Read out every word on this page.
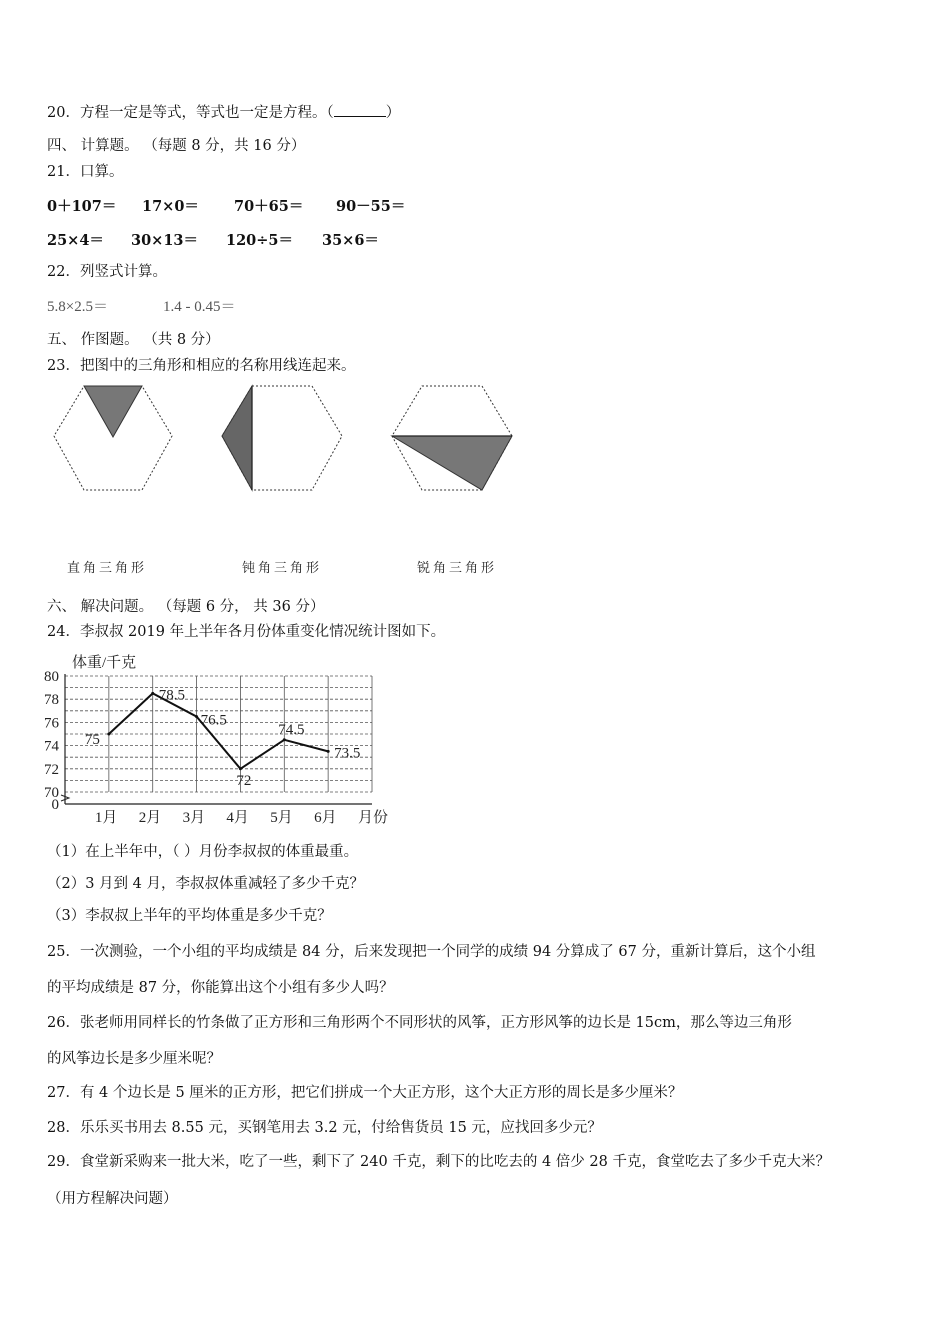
20．方程一定是等式，等式也一定是方程。（	）
四、 计算题。 （每题 8 分，共 16 分）
21．口算。
0＋107＝ 17×0＝ 70＋65＝ 90－55＝
25×4＝ 30×13＝ 120÷5＝ 35×6＝
22．列竖式计算。
5.8×2.5＝	1.4 - 0.45＝
五、 作图题。 （共 8 分）
23．把图中的三角形和相应的名称用线连起来。
直角三角形	钝角三角形	锐角三角形
六、 解决问题。 （每题 6 分， 共 36 分）
24．李叔叔 2019 年上半年各月份体重变化情况统计图如下。
体重/千克
70
72
74
76
78
80
0
1月 2月 3月 4月 5月 6月 月份
75
78.5
76.5
72
74.5
73.5
（1）在上半年中，（ ）月份李叔叔的体重最重。
（2）3 月到 4 月，李叔叔体重减轻了多少千克？
（3）李叔叔上半年的平均体重是多少千克？
25．一次测验，一个小组的平均成绩是 84 分，后来发现把一个同学的成绩 94 分算成了 67 分，重新计算后，这个小组
的平均成绩是 87 分，你能算出这个小组有多少人吗？
26．张老师用同样长的竹条做了正方形和三角形两个不同形状的风筝，正方形风筝的边长是 15cm，那么等边三角形
的风筝边长是多少厘米呢？
27．有 4 个边长是 5 厘米的正方形，把它们拼成一个大正方形，这个大正方形的周长是多少厘米？
28．乐乐买书用去 8.55 元，买钢笔用去 3.2 元，付给售货员 15 元，应找回多少元？
29．食堂新采购来一批大米，吃了一些，剩下了 240 千克，剩下的比吃去的 4 倍少 28 千克，食堂吃去了多少千克大米？
（用方程解决问题）
